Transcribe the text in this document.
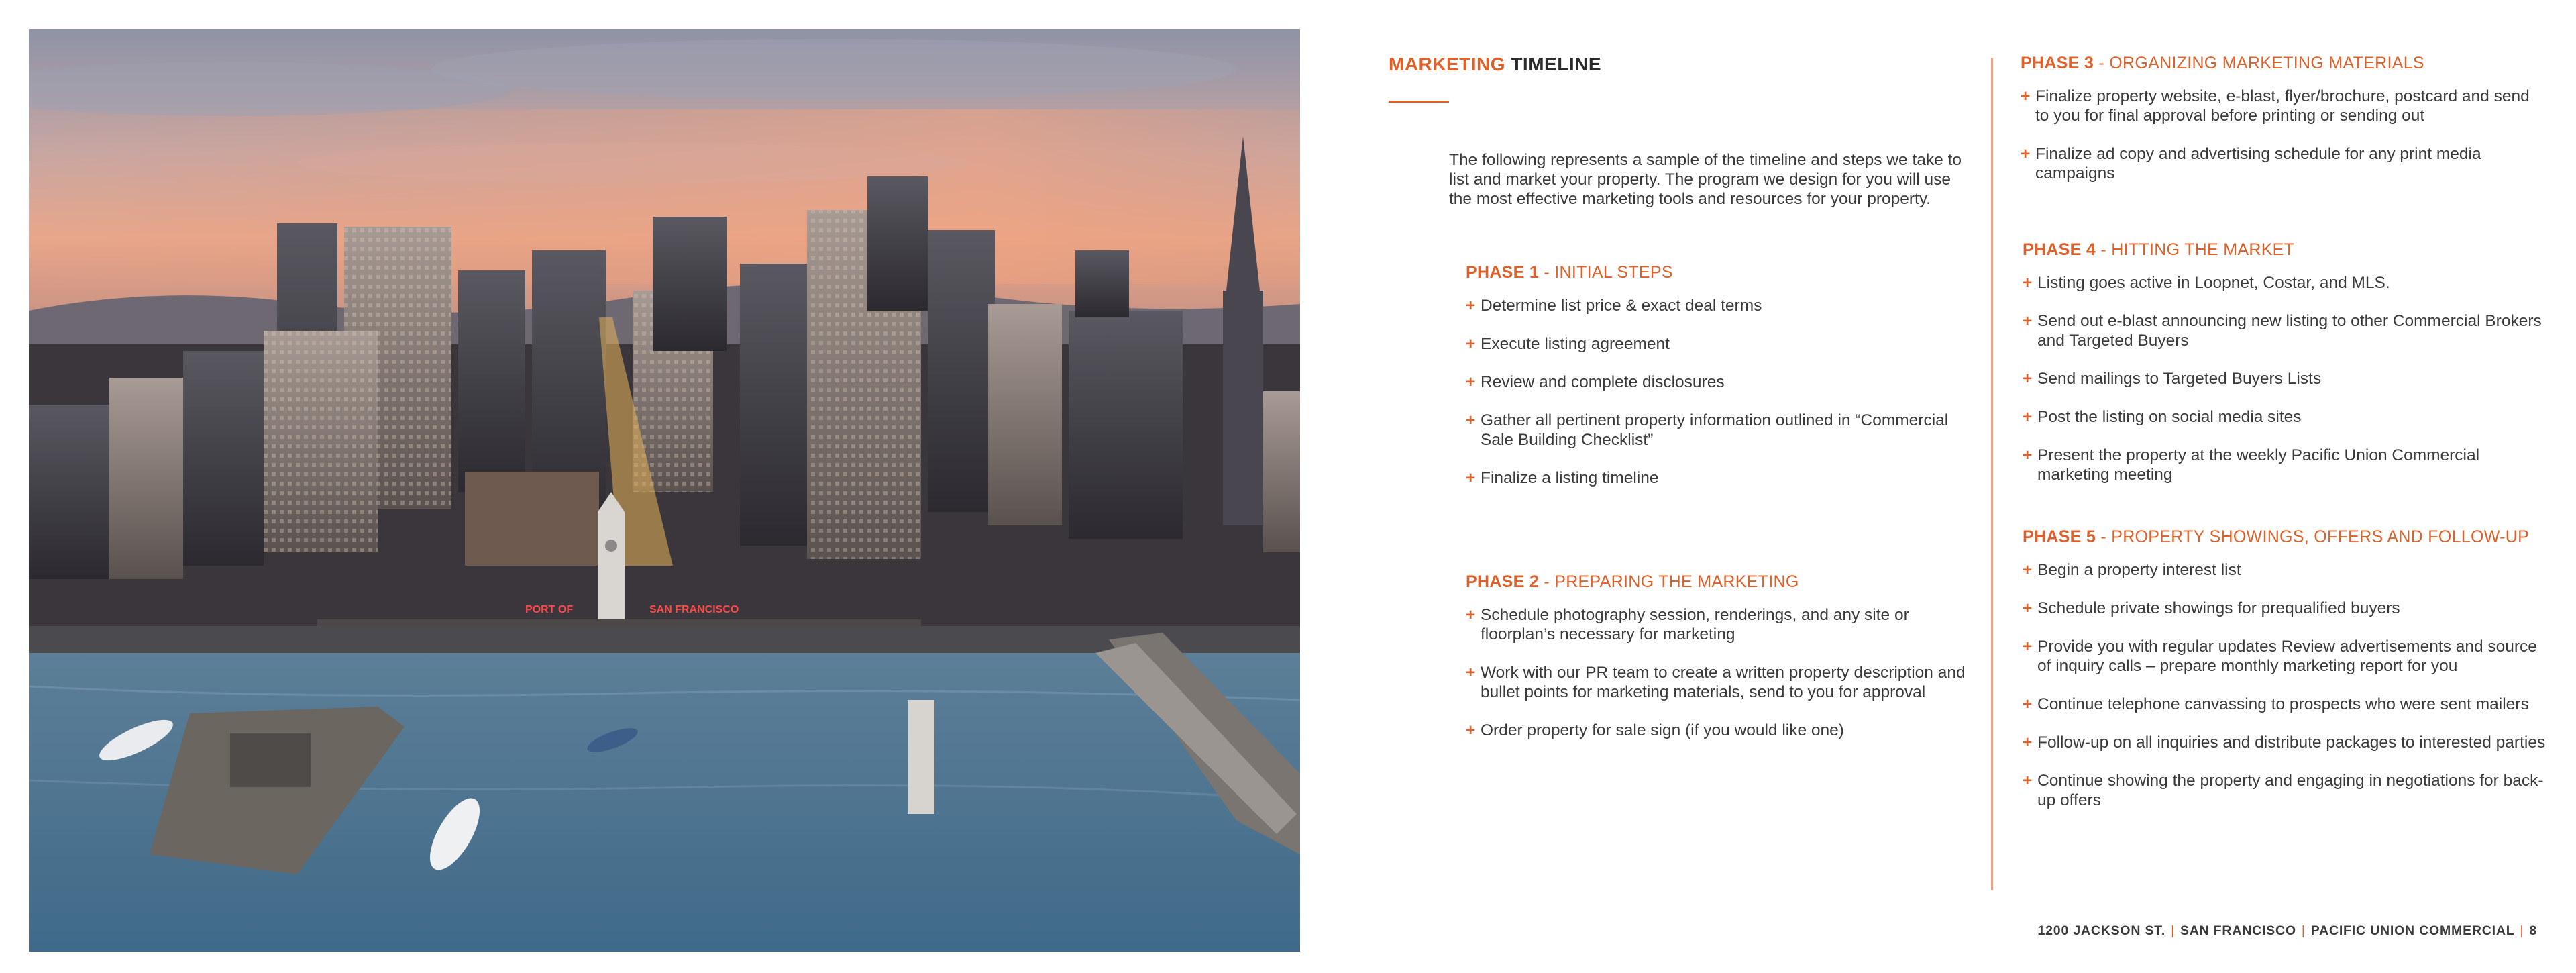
PORT OF	SAN FRANCISCO
MARKETING TIMELINE
The following represents a sample of the timeline and steps we take to list and market your property. The program we design for you will use the most effective marketing tools and resources for your property.
PHASE 1 - INITIAL STEPS
+ Determine list price & exact deal terms
+ Execute listing agreement
+ Review and complete disclosures
+ Gather all pertinent property information outlined in “Commercial Sale Building Checklist”
+ Finalize a listing timeline
PHASE 2 - PREPARING THE MARKETING
+ Schedule photography session, renderings, and any site or floorplan’s necessary for marketing
+ Work with our PR team to create a written property description and bullet points for marketing materials, send to you for approval
+ Order property for sale sign (if you would like one)
PHASE 3 - ORGANIZING MARKETING MATERIALS
+ Finalize property website, e-blast, flyer/brochure, postcard and send to you for final approval before printing or sending out
+ Finalize ad copy and advertising schedule for any print media campaigns
PHASE 4 - HITTING THE MARKET
+ Listing goes active in Loopnet, Costar, and MLS.
+ Send out e-blast announcing new listing to other Commercial Brokers and Targeted Buyers
+ Send mailings to Targeted Buyers Lists
+ Post the listing on social media sites
+ Present the property at the weekly Pacific Union Commercial marketing meeting
PHASE 5 - PROPERTY SHOWINGS, OFFERS AND FOLLOW-UP
+ Begin a property interest list
+ Schedule private showings for prequalified buyers
+ Provide you with regular updates Review advertisements and source of inquiry calls – prepare monthly marketing report for you
+ Continue telephone canvassing to prospects who were sent mailers
+ Follow-up on all inquiries and distribute packages to interested parties
+ Continue showing the property and engaging in negotiations for back-up offers
1200 JACKSON ST. | SAN FRANCISCO | PACIFIC UNION COMMERCIAL | 8
